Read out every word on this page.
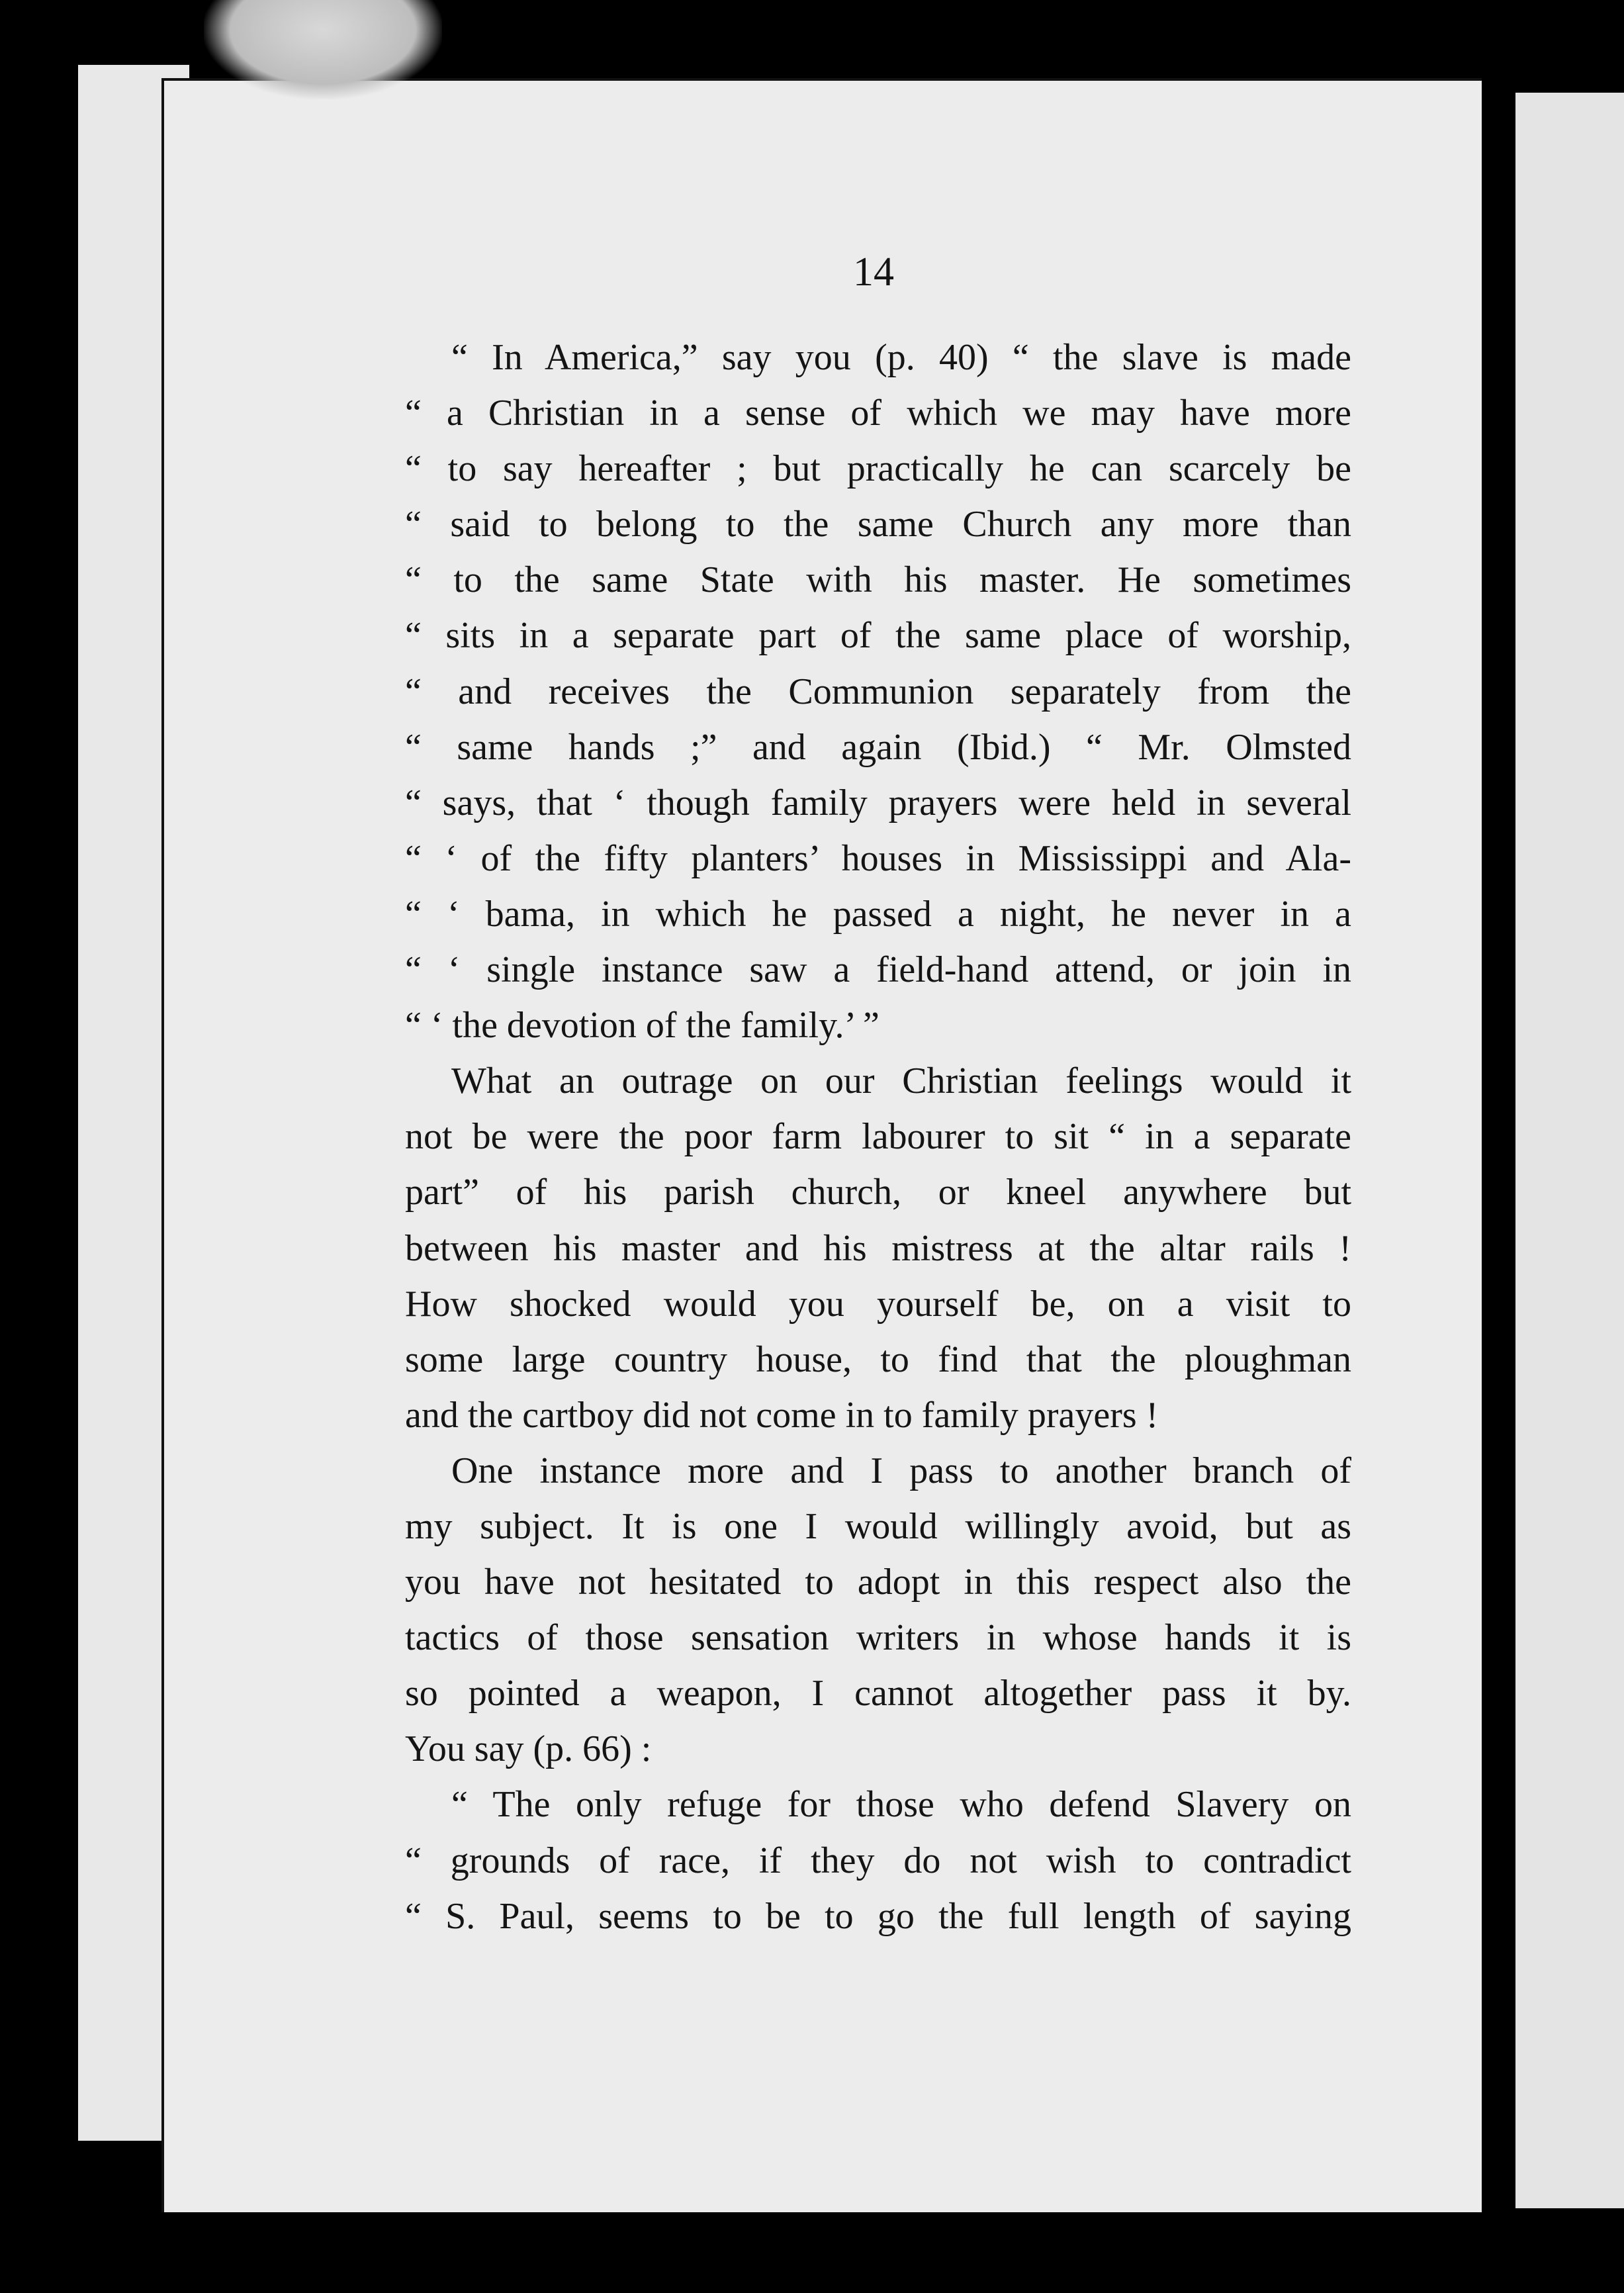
14
“ In America,” say you (p. 40) “ the slave is made
“ a Christian in a sense of which we may have more
“ to say hereafter ; but practically he can scarcely be
“ said to belong to the same Church any more than
“ to the same State with his master. He sometimes
“ sits in a separate part of the same place of worship,
“ and receives the Communion separately from the
“ same hands ;” and again (Ibid.) “ Mr. Olmsted
“ says, that ‘ though family prayers were held in several
“ ‘ of the fifty planters’ houses in Mississippi and Ala-
“ ‘ bama, in which he passed a night, he never in a
“ ‘ single instance saw a field-hand attend, or join in
“ ‘ the devotion of the family.’ ”
What an outrage on our Christian feelings would it
not be were the poor farm labourer to sit “ in a separate
part” of his parish church, or kneel anywhere but
between his master and his mistress at the altar rails !
How shocked would you yourself be, on a visit to
some large country house, to find that the ploughman
and the cartboy did not come in to family prayers !
One instance more and I pass to another branch of
my subject. It is one I would willingly avoid, but as
you have not hesitated to adopt in this respect also the
tactics of those sensation writers in whose hands it is
so pointed a weapon, I cannot altogether pass it by.
You say (p. 66) :
“ The only refuge for those who defend Slavery on
“ grounds of race, if they do not wish to contradict
“ S. Paul, seems to be to go the full length of saying
